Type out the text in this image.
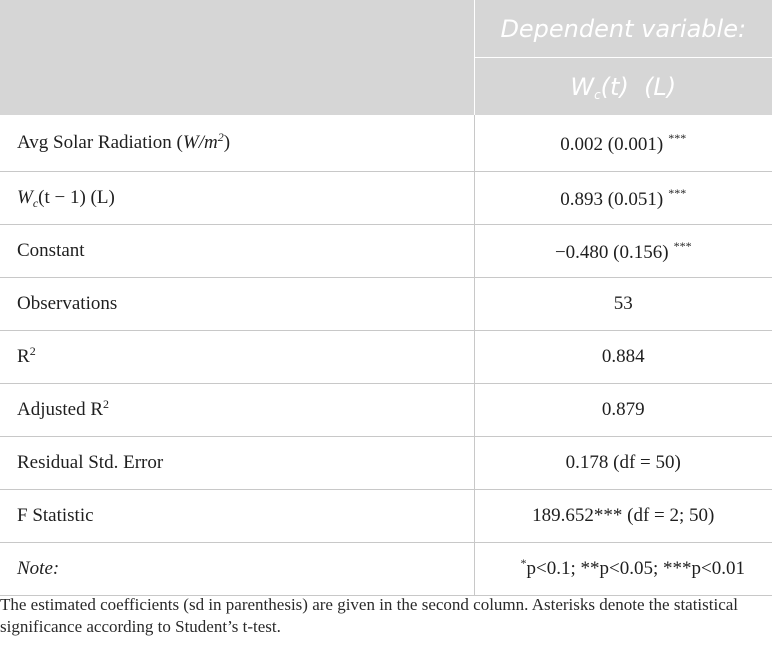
	Dependent variable:
	$W_c(t)$  (L)
Avg Solar Radiation $(W/m^2)$	0.002 (0.001) ***
$W_c(t - 1)$ (L)	0.893 (0.051) ***
Constant	−0.480 (0.156) ***
Observations	53
$R^2$	0.884
Adjusted $R^2$	0.879
Residual Std. Error	0.178 (df = 50)
F Statistic	189.652*** (df = 2; 50)
Note:	*p<0.1; **p<0.05; ***p<0.01
The estimated coefficients (sd in parenthesis) are given in the second column. Asterisks denote the statistical significance according to Student’s t-test.
